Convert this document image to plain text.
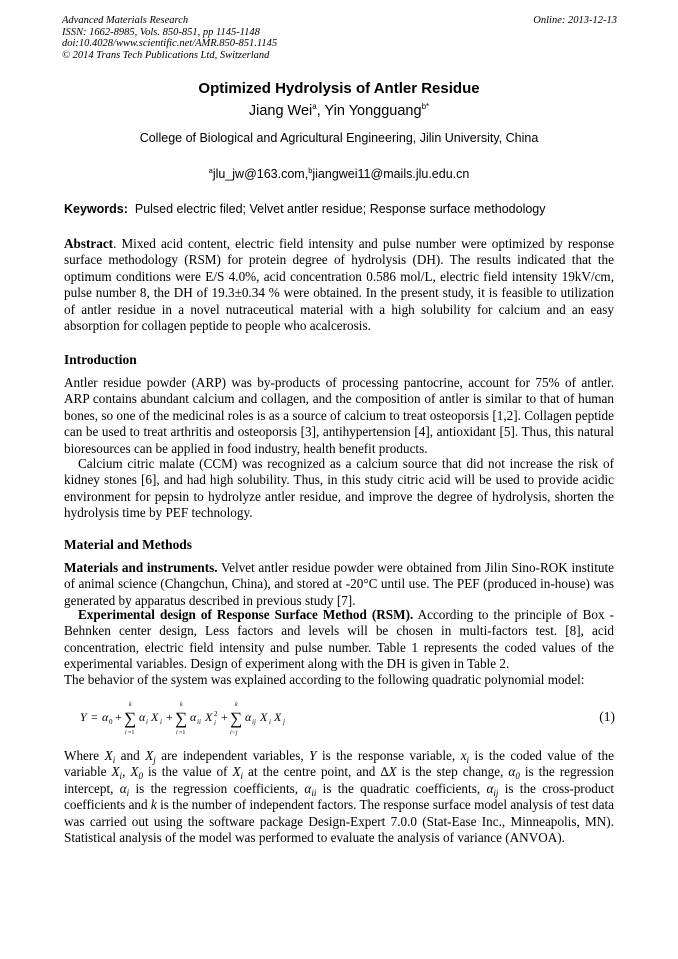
Advanced Materials Research
ISSN: 1662-8985, Vols. 850-851, pp 1145-1148
doi:10.4028/www.scientific.net/AMR.850-851.1145
© 2014 Trans Tech Publications Ltd, Switzerland
Online: 2013-12-13
Optimized Hydrolysis of Antler Residue
Jiang Wei$^a$, Yin Yongguang$^{b*}$
College of Biological and Agricultural Engineering, Jilin University, China
$^a$jlu_jw@163.com,$^b$jiangwei11@mails.jlu.edu.cn
Keywords: Pulsed electric filed; Velvet antler residue; Response surface methodology
Abstract. Mixed acid content, electric field intensity and pulse number were optimized by response surface methodology (RSM) for protein degree of hydrolysis (DH). The results indicated that the optimum conditions were E/S 4.0%, acid concentration 0.586 mol/L, electric field intensity 19kV/cm, pulse number 8, the DH of 19.3±0.34 % were obtained. In the present study, it is feasible to utilization of antler residue in a novel nutraceutical material with a high solubility for calcium and an easy absorption for collagen peptide to people who acalcerosis.
Introduction
Antler residue powder (ARP) was by-products of processing pantocrine, account for 75% of antler. ARP contains abundant calcium and collagen, and the composition of antler is similar to that of human bones, so one of the medicinal roles is as a source of calcium to treat osteoporsis [1,2]. Collagen peptide can be used to treat arthritis and osteoporsis [3], antihypertension [4], antioxidant [5]. Thus, this natural bioresources can be applied in food industry, health benefit products.
Calcium citric malate (CCM) was recognized as a calcium source that did not increase the risk of kidney stones [6], and had high solubility. Thus, in this study citric acid will be used to provide acidic environment for pepsin to hydrolyze antler residue, and improve the degree of hydrolysis, shorten the hydrolysis time by PEF technology.
Material and Methods
Materials and instruments. Velvet antler residue powder were obtained from Jilin Sino-ROK institute of animal science (Changchun, China), and stored at -20°C until use. The PEF (produced in-house) was generated by apparatus described in previous study [7].
Experimental design of Response Surface Method (RSM). According to the principle of Box - Behnken center design, Less factors and levels will be chosen in multi-factors test. [8], acid concentration, electric field intensity and pulse number. Table 1 represents the coded values of the experimental variables. Design of experiment along with the DH is given in Table 2.
The behavior of the system was explained according to the following quadratic polynomial model:
Y = α 0 + ∑
k
i =1
α i X i + ∑
k
i =1
α ii X 2
i + ∑
k
i<j
α ij X i X j	(1)
Where $X_i$ and $X_j$ are independent variables, Y is the response variable, $x_i$ is the coded value of the variable $X_i$, $X_0$ is the value of $X_i$ at the centre point, and ∆X is the step change, $\alpha_0$ is the regression intercept, $\alpha_i$ is the regression coefficients, $\alpha_{ii}$ is the quadratic coefficients, $\alpha_{ij}$ is the cross-product coefficients and k is the number of independent factors. The response surface model analysis of test data was carried out using the software package Design-Expert 7.0.0 (Stat-Ease Inc., Minneapolis, MN). Statistical analysis of the model was performed to evaluate the analysis of variance (ANVOA).
